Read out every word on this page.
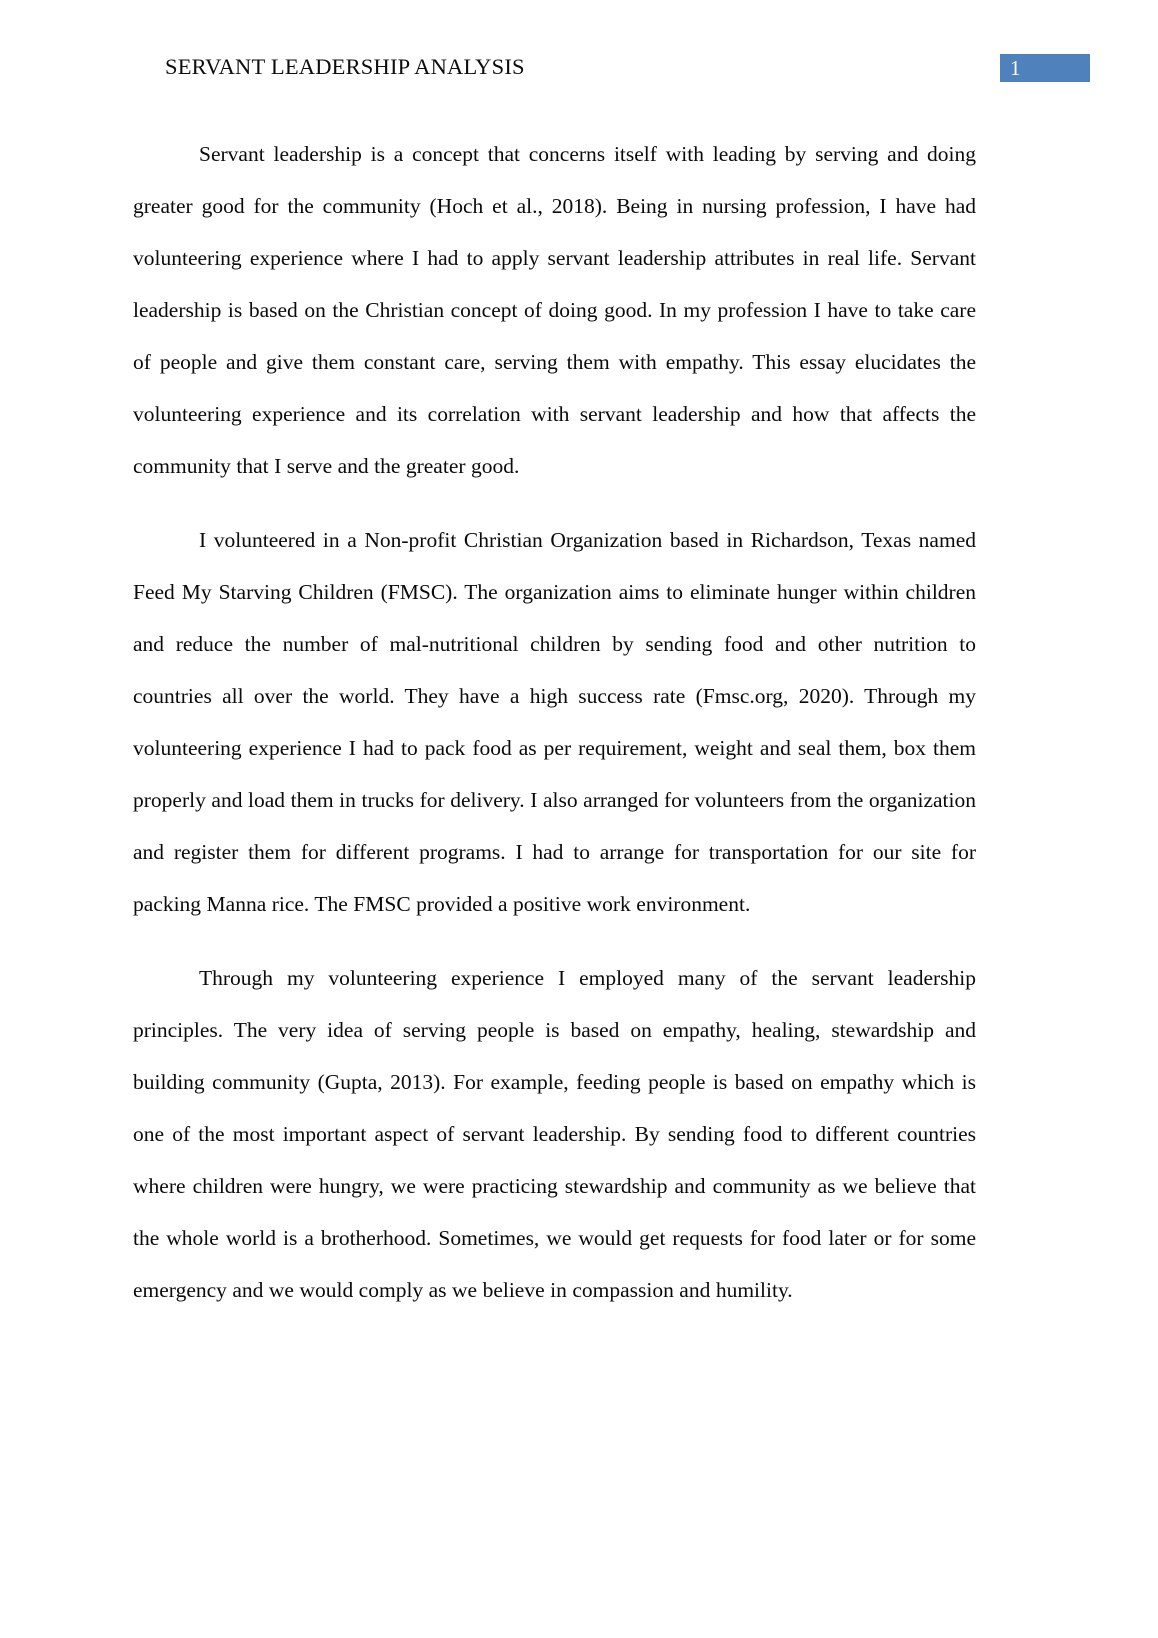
SERVANT LEADERSHIP ANALYSIS	1

Servant leadership is a concept that concerns itself with leading by serving and doing greater good for the community (Hoch et al., 2018). Being in nursing profession, I have had volunteering experience where I had to apply servant leadership attributes in real life. Servant leadership is based on the Christian concept of doing good. In my profession I have to take care of people and give them constant care, serving them with empathy. This essay elucidates the volunteering experience and its correlation with servant leadership and how that affects the community that I serve and the greater good.

I volunteered in a Non-profit Christian Organization based in Richardson, Texas named Feed My Starving Children (FMSC). The organization aims to eliminate hunger within children and reduce the number of mal-nutritional children by sending food and other nutrition to countries all over the world. They have a high success rate (Fmsc.org, 2020). Through my volunteering experience I had to pack food as per requirement, weight and seal them, box them properly and load them in trucks for delivery. I also arranged for volunteers from the organization and register them for different programs. I had to arrange for transportation for our site for packing Manna rice. The FMSC provided a positive work environment.

Through my volunteering experience I employed many of the servant leadership principles. The very idea of serving people is based on empathy, healing, stewardship and building community (Gupta, 2013). For example, feeding people is based on empathy which is one of the most important aspect of servant leadership. By sending food to different countries where children were hungry, we were practicing stewardship and community as we believe that the whole world is a brotherhood. Sometimes, we would get requests for food later or for some emergency and we would comply as we believe in compassion and humility.
